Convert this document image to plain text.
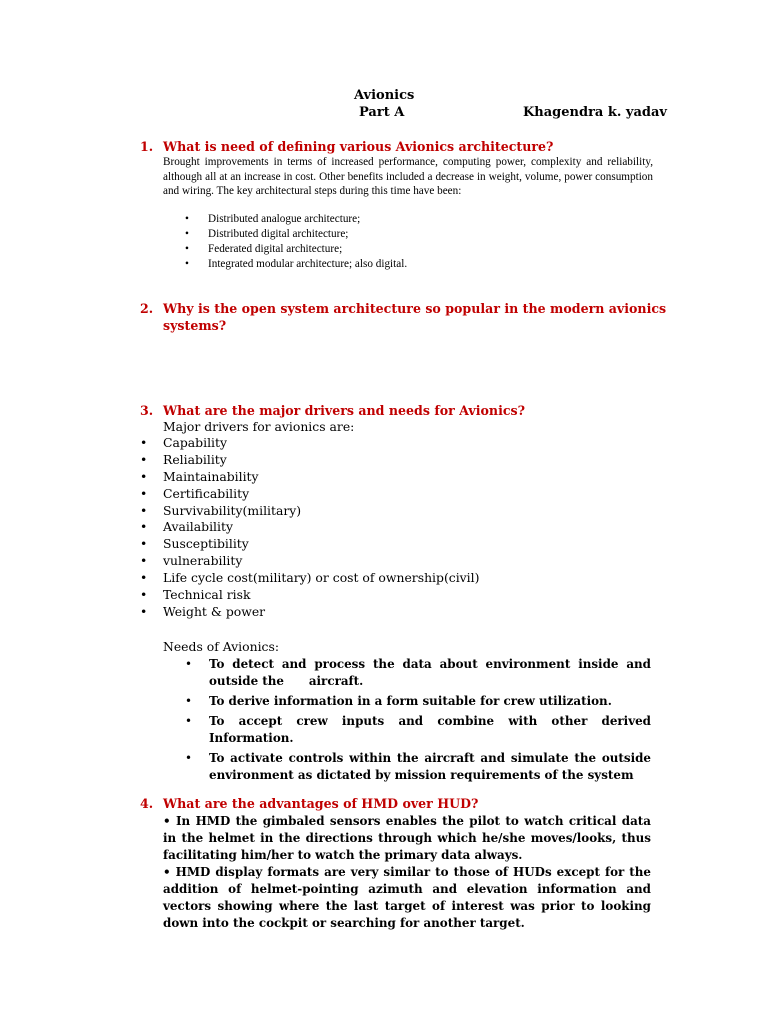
Avionics
Part A	Khagendra k. yadav
1. What is need of defining various Avionics architecture?
Brought improvements in terms of increased performance, computing power, complexity and reliability, although all at an increase in cost. Other benefits included a decrease in weight, volume, power consumption and wiring. The key architectural steps during this time have been:
• Distributed analogue architecture;
• Distributed digital architecture;
• Federated digital architecture;
• Integrated modular architecture; also digital.
2. Why is the open system architecture so popular in the modern avionics
systems?
3. What are the major drivers and needs for Avionics?
Major drivers for avionics are:
• Capability
• Reliability
• Maintainability
• Certificability
• Survivability(military)
• Availability
• Susceptibility
• vulnerability
• Life cycle cost(military) or cost of ownership(civil)
• Technical risk
• Weight & power
Needs of Avionics:
• To detect and process the data about environment inside and outside the      aircraft.
• To derive information in a form suitable for crew utilization.
• To accept crew inputs and combine with other derived Information.
• To activate controls within the aircraft and simulate the outside environment as dictated by mission requirements of the system
4. What are the advantages of HMD over HUD?
• In HMD the gimbaled sensors enables the pilot to watch critical data in the helmet in the directions through which he/she moves/looks, thus facilitating him/her to watch the primary data always.
• HMD display formats are very similar to those of HUDs except for the addition of helmet-pointing azimuth and elevation information and vectors showing where the last target of interest was prior to looking down into the cockpit or searching for another target.
